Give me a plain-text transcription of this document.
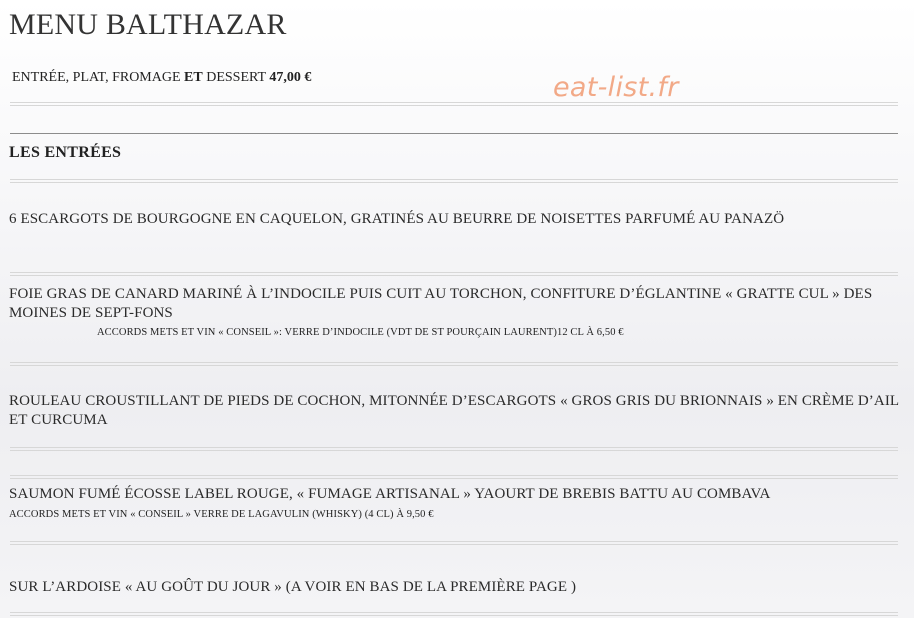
MENU BALTHAZAR
ENTRÉE, PLAT, FROMAGE ET DESSERT 47,00 €	eat-list.fr
LES ENTRÉES
6 ESCARGOTS DE BOURGOGNE EN CAQUELON, GRATINÉS AU BEURRE DE NOISETTES PARFUMÉ AU PANAZÖ
FOIE GRAS DE CANARD MARINÉ À L’INDOCILE PUIS CUIT AU TORCHON, CONFITURE D’ÉGLANTINE « GRATTE CUL » DES MOINES DE SEPT-FONS
ACCORDS METS ET VIN « CONSEIL »: VERRE D’INDOCILE (VDT DE ST POURÇAIN LAURENT)12 CL À 6,50 €
ROULEAU CROUSTILLANT DE PIEDS DE COCHON, MITONNÉE D’ESCARGOTS « GROS GRIS DU BRIONNAIS » EN CRÈME D’AIL ET CURCUMA
SAUMON FUMÉ ÉCOSSE LABEL ROUGE, « FUMAGE ARTISANAL » YAOURT DE BREBIS BATTU AU COMBAVA
ACCORDS METS ET VIN « CONSEIL » VERRE DE LAGAVULIN (WHISKY) (4 CL) À 9,50 €
SUR L’ARDOISE « AU GOÛT DU JOUR » (A VOIR EN BAS DE LA PREMIÈRE PAGE )
